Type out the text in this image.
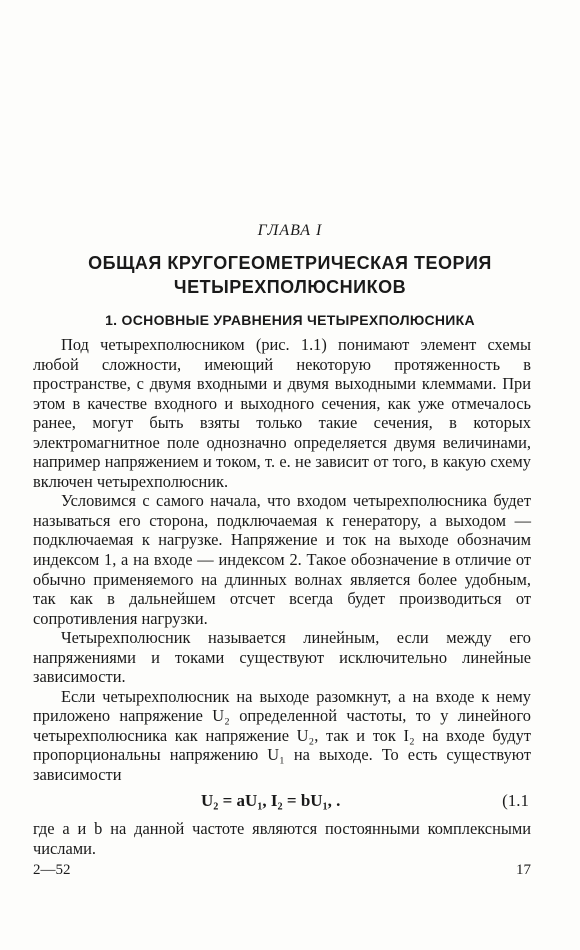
ГЛАВА I
ОБЩАЯ КРУГОГЕОМЕТРИЧЕСКАЯ ТЕОРИЯ
ЧЕТЫРЕХПОЛЮСНИКОВ
1. ОСНОВНЫЕ УРАВНЕНИЯ ЧЕТЫРЕХПОЛЮСНИКА

Под четырехполюсником (рис. 1.1) понимают элемент схемы любой сложности, имеющий некоторую протяженность в пространстве, с двумя входными и двумя выходными клеммами. При этом в качестве входного и выходного сечения, как уже отмечалось ранее, могут быть взяты только такие сечения, в которых электромагнитное поле однозначно определяется двумя величинами, например напряжением и током, т. е. не зависит от того, в какую схему включен четырехполюсник.

Условимся с самого начала, что входом четырехполюсника будет называться его сторона, подключаемая к генератору, а выходом — подключаемая к нагрузке. Напряжение и ток на выходе обозначим индексом 1, а на входе — индексом 2. Такое обозначение в отличие от обычно применяемого на длинных волнах является более удобным, так как в дальнейшем отсчет всегда будет производиться от сопротивления нагрузки.

Четырехполюсник называется линейным, если между его напряжениями и токами существуют исключительно линейные зависимости.

Если четырехполюсник на выходе разомкнут, а на входе к нему приложено напряжение U₂ определенной частоты, то у линейного четырехполюсника как напряжение U₂, так и ток I₂ на входе будут пропорциональны напряжению U₁ на выходе. То есть существуют зависимости

U₂ = aU₁, I₂ = bU₁, .	(1.1

где a и b на данной частоте являются постоянными комплексными числами.

2—52	17
